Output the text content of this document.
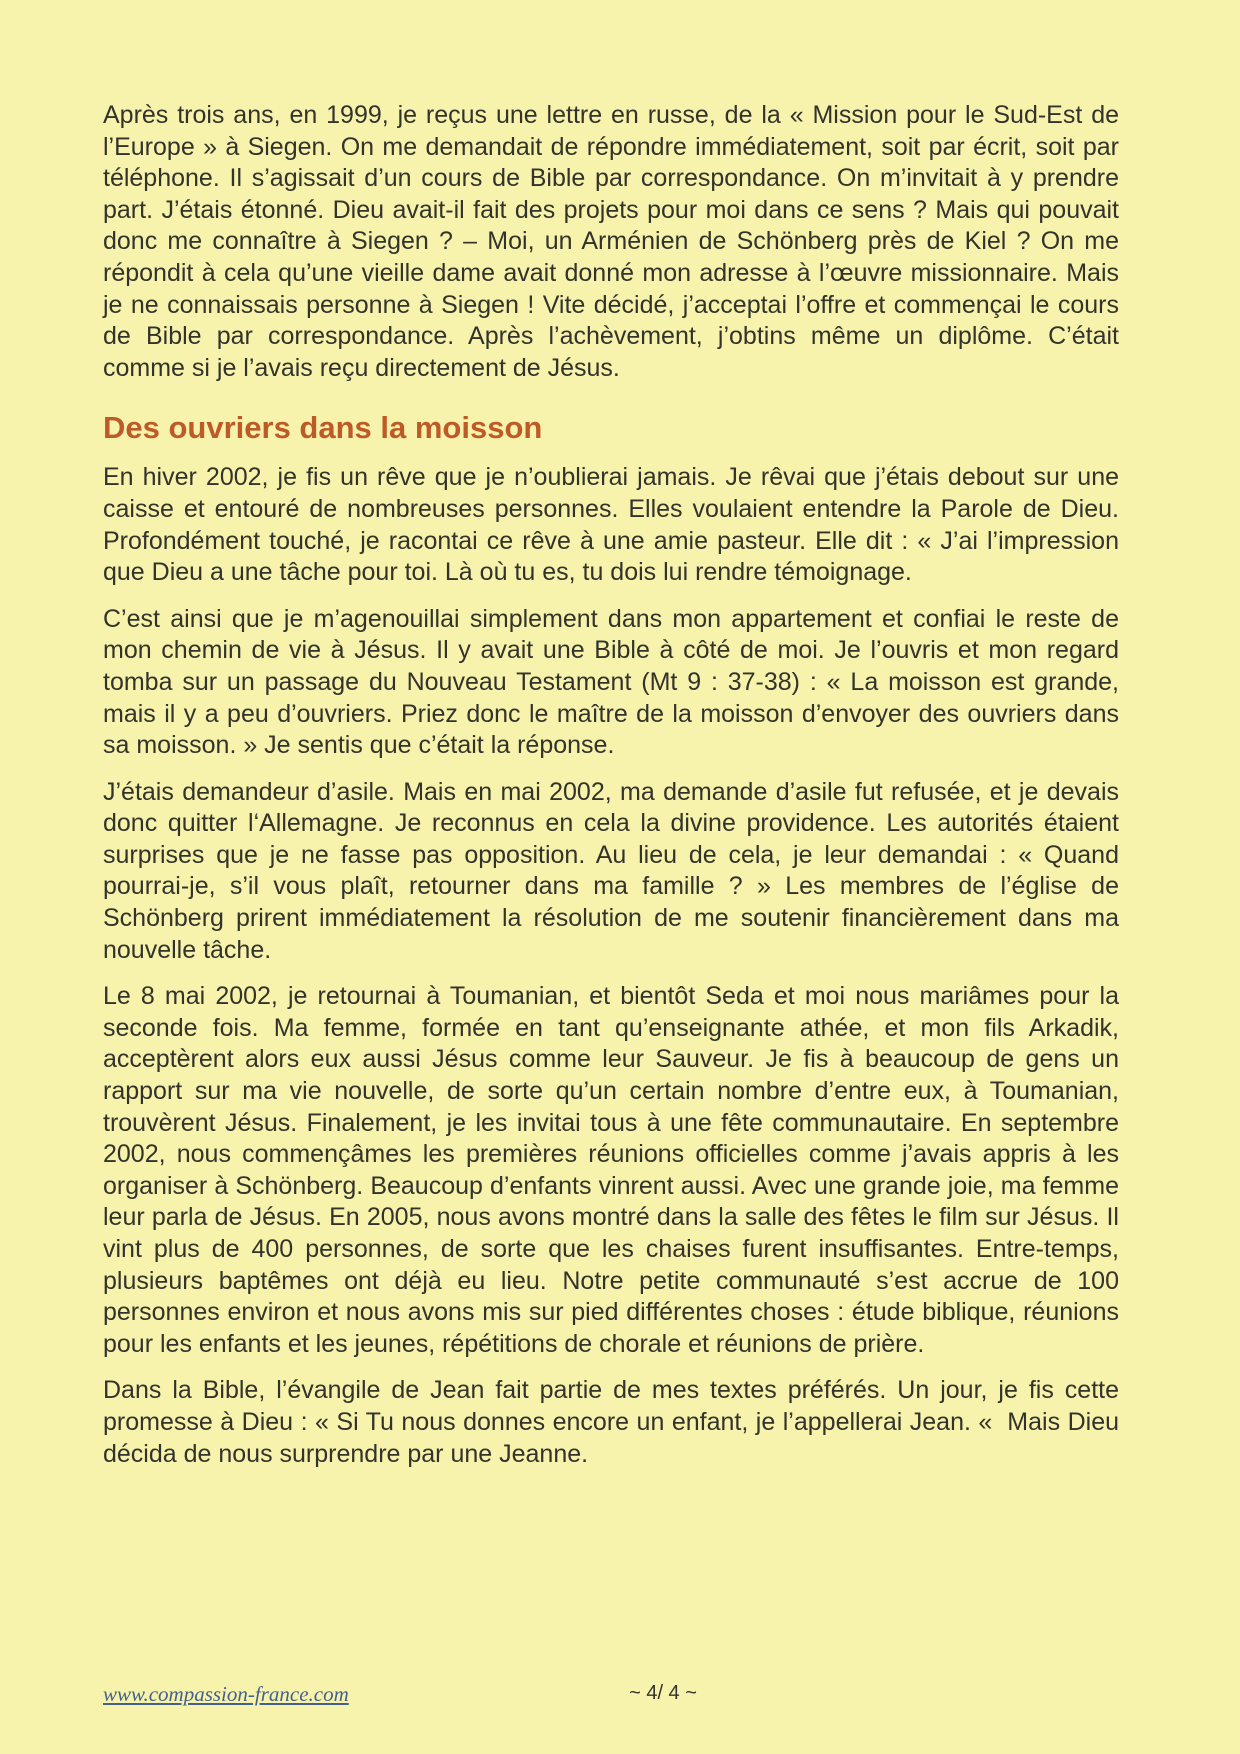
Après trois ans, en 1999, je reçus une lettre en russe, de la « Mission pour le Sud-Est de l’Europe » à Siegen. On me demandait de répondre immédiatement, soit par écrit, soit par téléphone. Il s’agissait d’un cours de Bible par correspondance. On m’invitait à y prendre part. J’étais étonné. Dieu avait-il fait des projets pour moi dans ce sens ? Mais qui pouvait donc me connaître à Siegen ? – Moi, un Arménien de Schönberg près de Kiel ? On me répondit à cela qu’une vieille dame avait donné mon adresse à l’œuvre missionnaire. Mais je ne connaissais personne à Siegen ! Vite décidé, j’acceptai l’offre et commençai le cours de Bible par correspondance. Après l’achèvement, j’obtins même un diplôme. C’était comme si je l’avais reçu directement de Jésus.

Des ouvriers dans la moisson

En hiver 2002, je fis un rêve que je n’oublierai jamais. Je rêvai que j’étais debout sur une caisse et entouré de nombreuses personnes. Elles voulaient entendre la Parole de Dieu. Profondément touché, je racontai ce rêve à une amie pasteur. Elle dit : « J’ai l’impression que Dieu a une tâche pour toi. Là où tu es, tu dois lui rendre témoignage.

C’est ainsi que je m’agenouillai simplement dans mon appartement et confiai le reste de mon chemin de vie à Jésus. Il y avait une Bible à côté de moi. Je l’ouvris et mon regard tomba sur un passage du Nouveau Testament (Mt 9 : 37-38) : « La moisson est grande, mais il y a peu d’ouvriers. Priez donc le maître de la moisson d’envoyer des ouvriers dans sa moisson. » Je sentis que c’était la réponse.

J’étais demandeur d’asile. Mais en mai 2002, ma demande d’asile fut refusée, et je devais donc quitter l‘Allemagne. Je reconnus en cela la divine providence. Les autorités étaient surprises que je ne fasse pas opposition. Au lieu de cela, je leur demandai : « Quand pourrai-je, s’il vous plaît, retourner dans ma famille ? » Les membres de l’église de Schönberg prirent immédiatement la résolution de me soutenir financièrement dans ma nouvelle tâche.

Le 8 mai 2002, je retournai à Toumanian, et bientôt Seda et moi nous mariâmes pour la seconde fois. Ma femme, formée en tant qu’enseignante athée, et mon fils Arkadik, acceptèrent alors eux aussi Jésus comme leur Sauveur. Je fis à beaucoup de gens un rapport sur ma vie nouvelle, de sorte qu’un certain nombre d’entre eux, à Toumanian, trouvèrent Jésus. Finalement, je les invitai tous à une fête communautaire. En septembre 2002, nous commençâmes les premières réunions officielles comme j’avais appris à les organiser à Schönberg. Beaucoup d’enfants vinrent aussi. Avec une grande joie, ma femme leur parla de Jésus. En 2005, nous avons montré dans la salle des fêtes le film sur Jésus. Il vint plus de 400 personnes, de sorte que les chaises furent insuffisantes. Entre-temps, plusieurs baptêmes ont déjà eu lieu. Notre petite communauté s’est accrue de 100 personnes environ et nous avons mis sur pied différentes choses : étude biblique, réunions pour les enfants et les jeunes, répétitions de chorale et réunions de prière.

Dans la Bible, l’évangile de Jean fait partie de mes textes préférés. Un jour, je fis cette promesse à Dieu : « Si Tu nous donnes encore un enfant, je l’appellerai Jean. «  Mais Dieu décida de nous surprendre par une Jeanne.

www.compassion-france.com	~ 4/ 4 ~
